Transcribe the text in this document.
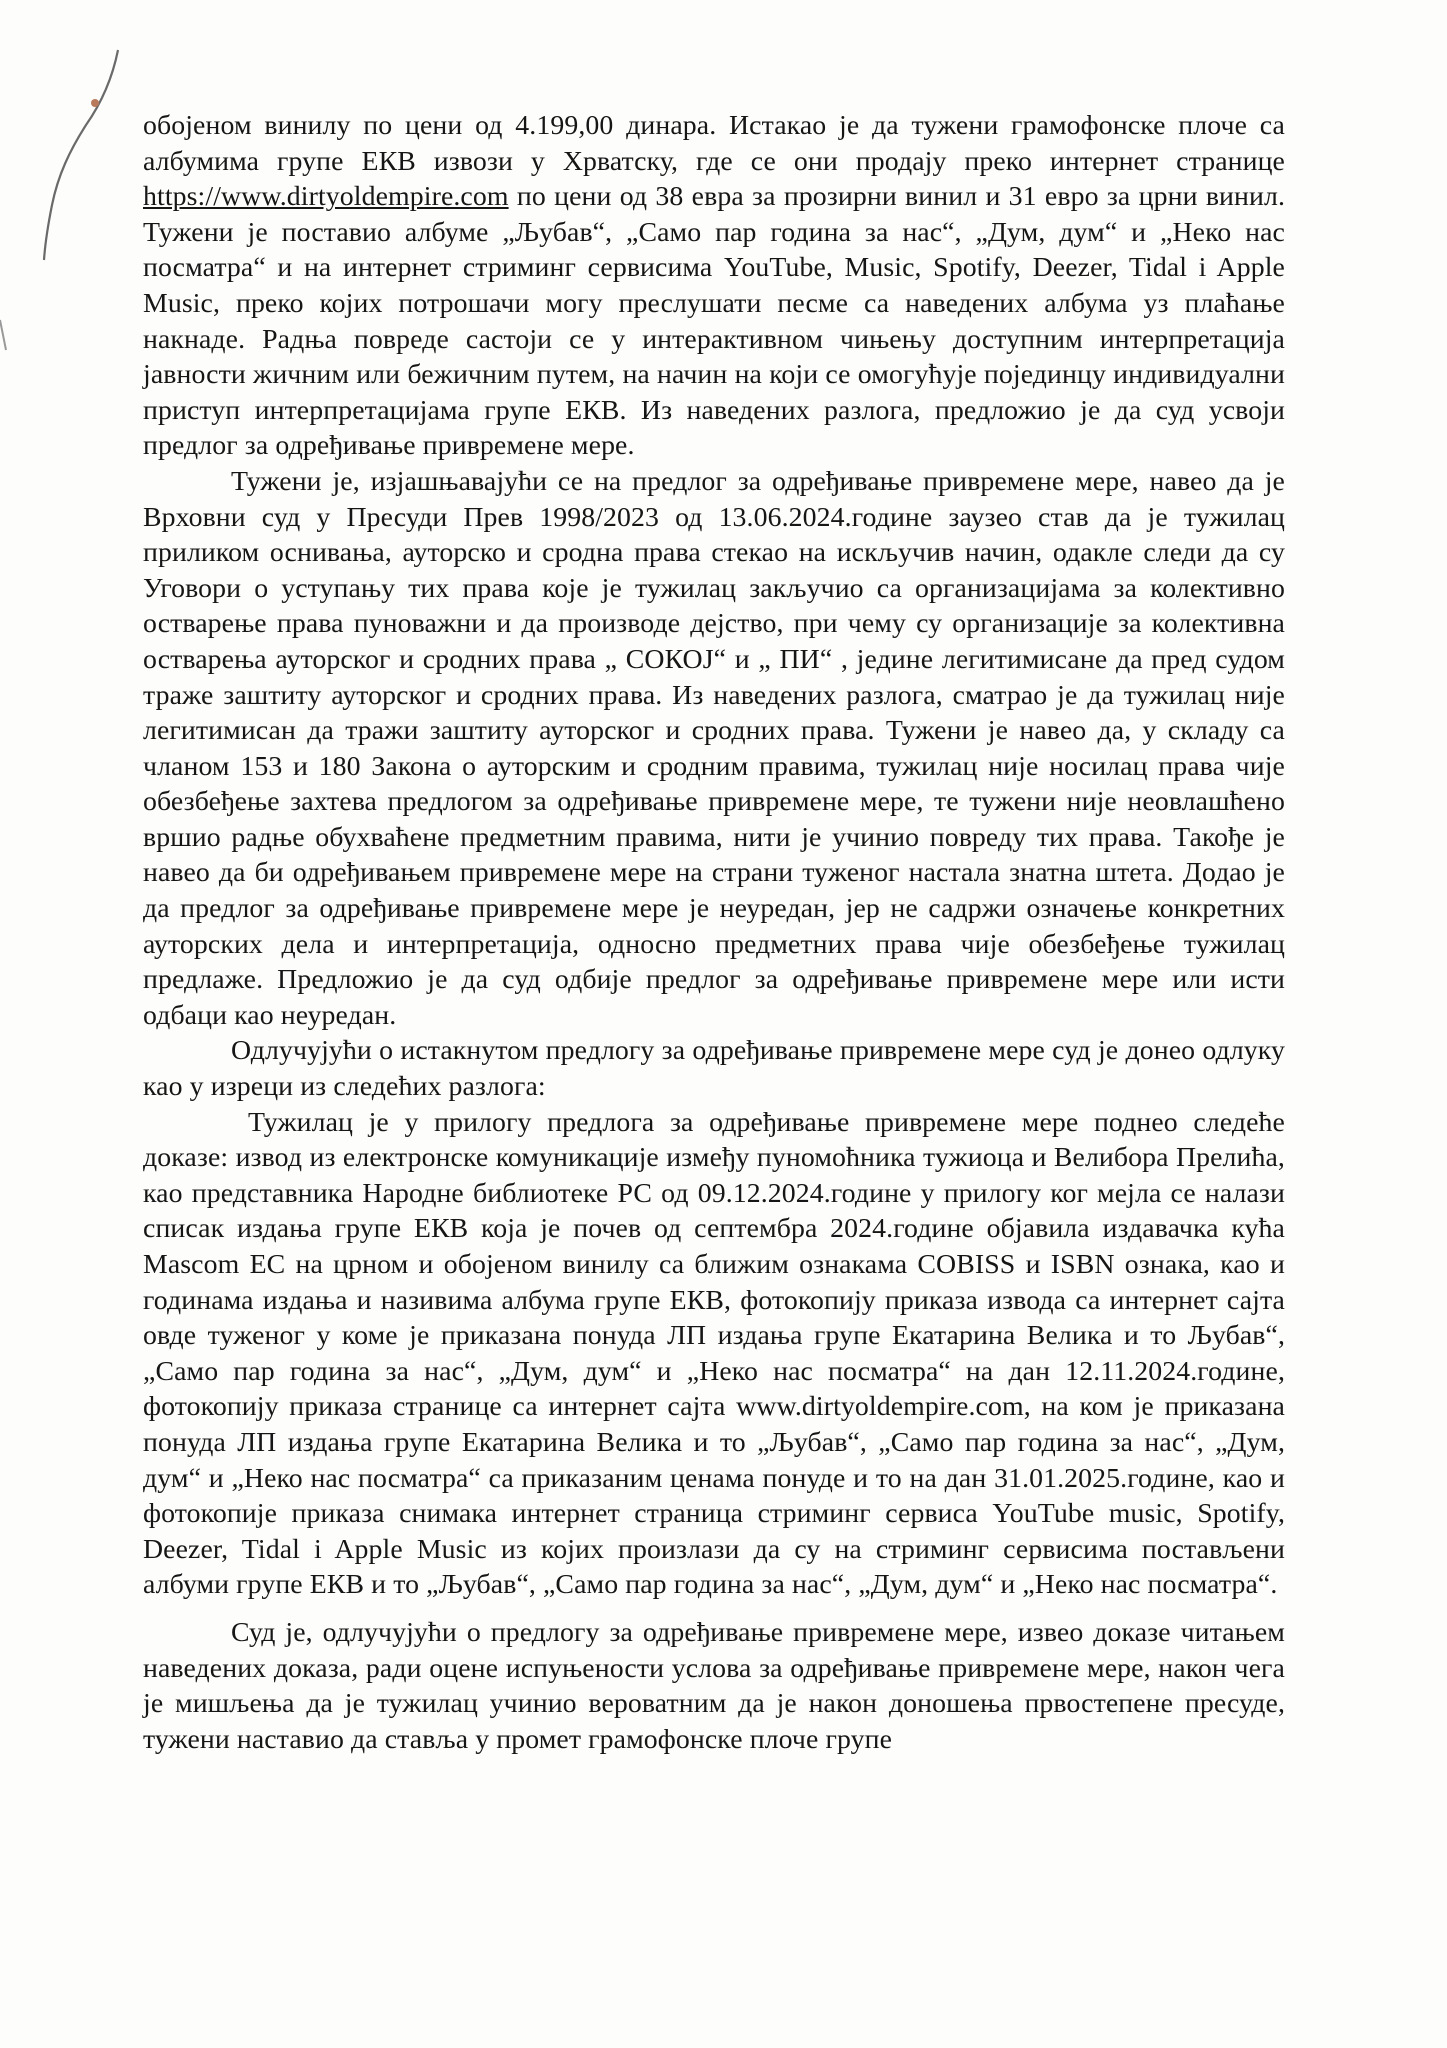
обојеном винилу по цени од 4.199,00 динара. Истакао је да тужени грамофонске плоче са албумима групе ЕКВ извози у Хрватску, где се они продају преко интернет странице https://www.dirtyoldempire.com по цени од 38 евра за прозирни винил и 31 евро за црни винил. Тужени је поставио албуме „Љубав“, „Само пар година за нас“, „Дум, дум“ и „Неко нас посматра“ и на интернет стриминг сервисима YouTube, Music, Spotify, Deezer, Tidal i Apple Music, преко којих потрошачи могу преслушати песме са наведених албума уз плаћање накнаде. Радња повреде састоји се у интерактивном чињењу доступним интерпретација јавности жичним или бежичним путем, на начин на који се омогућује појединцу индивидуални приступ интерпретацијама групе ЕКВ. Из наведених разлога, предложио је да суд усвоји предлог за одређивање привремене мере.

Тужени је, изјашњавајући се на предлог за одређивање привремене мере, навео да је Врховни суд у Пресуди Прев 1998/2023 од 13.06.2024.године заузео став да је тужилац приликом оснивања, ауторско и сродна права стекао на искључив начин, одакле следи да су Уговори о уступању тих права које је тужилац закључио са организацијама за колективно остварење права пуноважни и да производе дејство, при чему су организације за колективна остварења ауторског и сродних права „ СОКОЈ“ и „ ПИ“ , једине легитимисане да пред судом траже заштиту ауторског и сродних права. Из наведених разлога, сматрао је да тужилац није легитимисан да тражи заштиту ауторског и сродних права. Тужени је навео да, у складу са чланом 153 и 180 Закона о ауторским и сродним правима, тужилац није носилац права чије обезбеђење захтева предлогом за одређивање привремене мере, те тужени није неовлашћено вршио радње обухваћене предметним правима, нити је учинио повреду тих права. Такође је навео да би одређивањем привремене мере на страни туженог настала знатна штета. Додао је да предлог за одређивање привремене мере је неуредан, јер не садржи означење конкретних ауторских дела и интерпретација, односно предметних права чије обезбеђење тужилац предлаже. Предложио је да суд одбије предлог за одређивање привремене мере или исти одбаци као неуредан.

Одлучујући о истакнутом предлогу за одређивање привремене мере суд је донео одлуку као у изреци из следећих разлога:

Тужилац је у прилогу предлога за одређивање привремене мере поднео следеће доказе: извод из електронске комуникације између пуномоћника тужиоца и Велибора Прелића, као представника Народне библиотеке РС од 09.12.2024.године у прилогу ког мејла се налази списак издања групе ЕКВ која је почев од септембра 2024.године објавила издавачка кућа Mascom EC на црном и обојеном винилу са ближим ознакама COBISS и ISBN ознака, као и годинама издања и називима албума групе ЕКВ, фотокопију приказа извода са интернет сајта овде туженог у коме је приказана понуда ЛП издања групе Екатарина Велика и то Љубав“, „Само пар година за нас“, „Дум, дум“ и „Неко нас посматра“ на дан 12.11.2024.године, фотокопију приказа странице са интернет сајта www.dirtyoldempire.com, на ком је приказана понуда ЛП издања групе Екатарина Велика и то „Љубав“, „Само пар година за нас“, „Дум, дум“ и „Неко нас посматра“ са приказаним ценама понуде и то на дан 31.01.2025.године, као и фотокопије приказа снимака интернет страница стриминг сервиса YouTube music, Spotify, Deezer, Tidal i Apple Music из којих произлази да су на стриминг сервисима постављени албуми групе ЕКВ и то „Љубав“, „Само пар година за нас“, „Дум, дум“ и „Неко нас посматра“.

Суд је, одлучујући о предлогу за одређивање привремене мере, извео доказе читањем наведених доказа, ради оцене испуњености услова за одређивање привремене мере, након чега је мишљења да је тужилац учинио вероватним да је након доношења првостепене пресуде, тужени наставио да ставља у промет грамофонске плоче групе
